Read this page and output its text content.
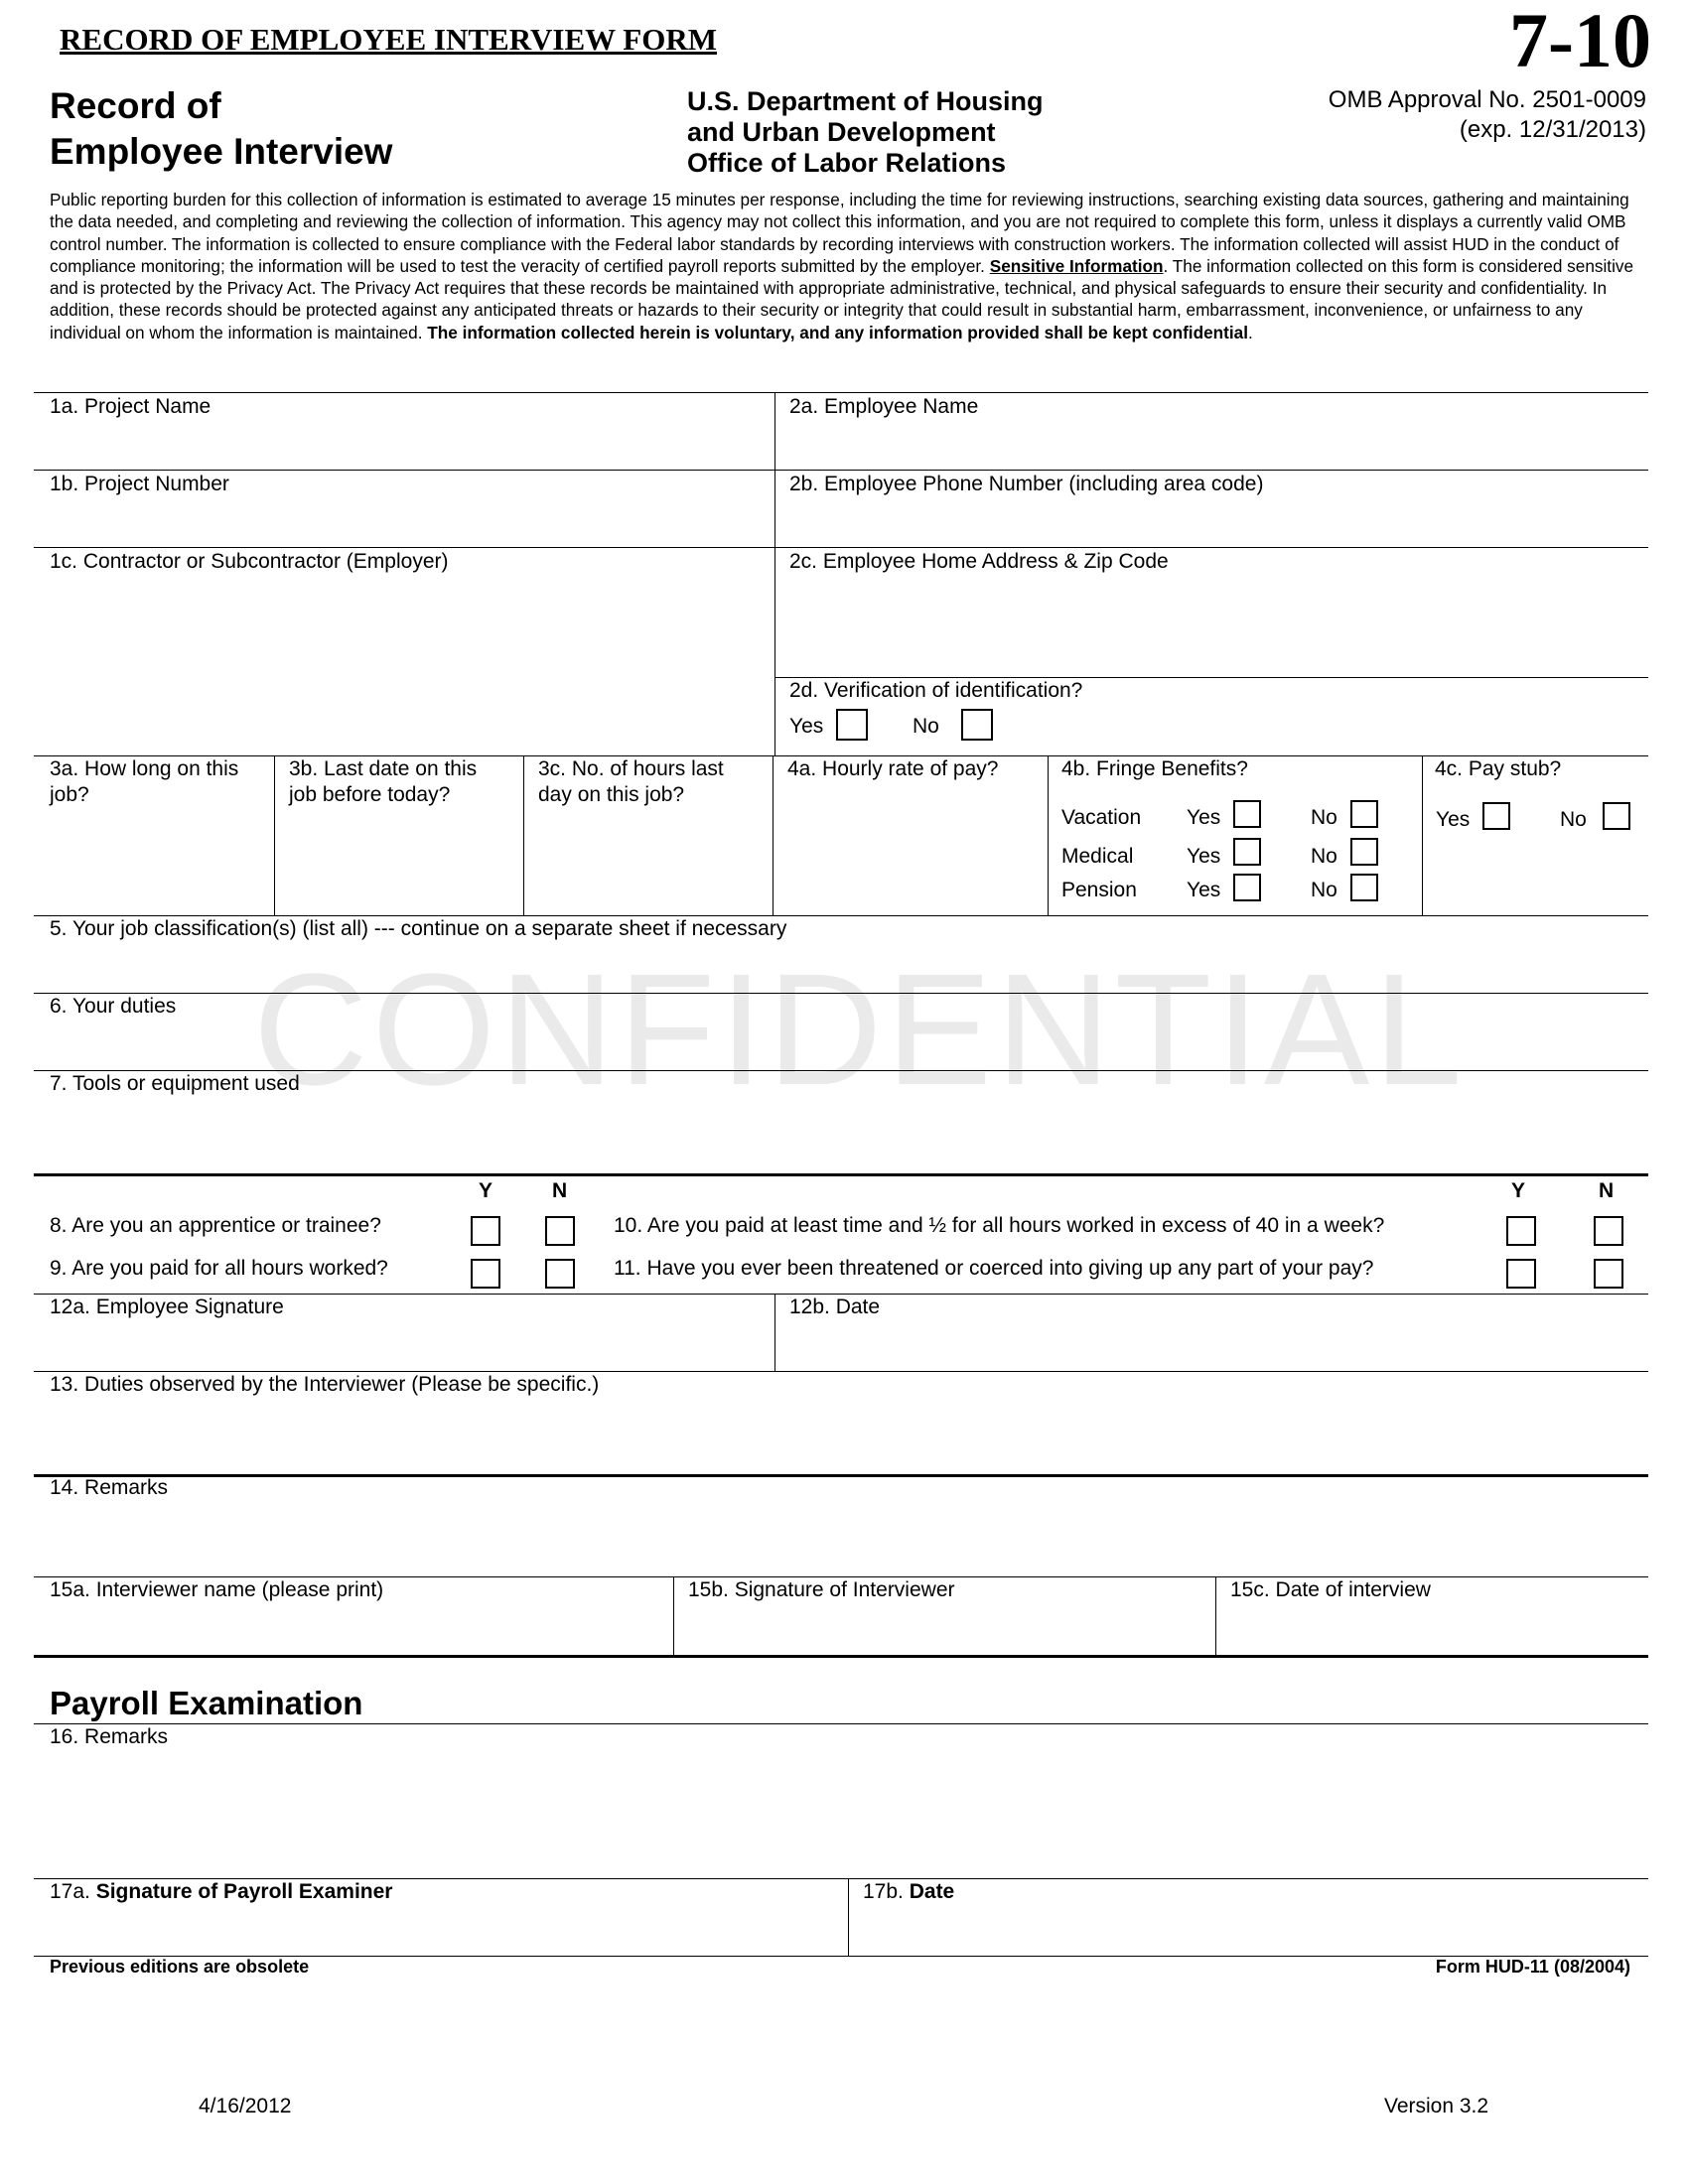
RECORD OF EMPLOYEE INTERVIEW FORM	7-10
Record of
Employee Interview
U.S. Department of Housing
and Urban Development
Office of Labor Relations
OMB Approval No. 2501-0009
(exp. 12/31/2013)
Public reporting burden for this collection of information is estimated to average 15 minutes per response, including the time for reviewing instructions, searching existing data sources, gathering and maintaining the data needed, and completing and reviewing the collection of information. This agency may not collect this information, and you are not required to complete this form, unless it displays a currently valid OMB control number. The information is collected to ensure compliance with the Federal labor standards by recording interviews with construction workers. The information collected will assist HUD in the conduct of compliance monitoring; the information will be used to test the veracity of certified payroll reports submitted by the employer. Sensitive Information. The information collected on this form is considered sensitive and is protected by the Privacy Act. The Privacy Act requires that these records be maintained with appropriate administrative, technical, and physical safeguards to ensure their security and confidentiality. In addition, these records should be protected against any anticipated threats or hazards to their security or integrity that could result in substantial harm, embarrassment, inconvenience, or unfairness to any individual on whom the information is maintained. The information collected herein is voluntary, and any information provided shall be kept confidential.
CONFIDENTIAL
1a. Project Name	2a. Employee Name
1b. Project Number	2b. Employee Phone Number (including area code)
1c. Contractor or Subcontractor (Employer)	2c. Employee Home Address & Zip Code
2d. Verification of identification?
Yes	No
3a. How long on this
job?
3b. Last date on this
job before today?
3c. No. of hours last
day on this job?
4a. Hourly rate of pay?	4b. Fringe Benefits?
Vacation Yes	No
Medical	Yes	No
Pension Yes	No
4c. Pay stub?
Yes	No
5. Your job classification(s) (list all) --- continue on a separate sheet if necessary
6. Your duties
7. Tools or equipment used
Y	N	Y	N
8. Are you an apprentice or trainee?
9. Are you paid for all hours worked?
10. Are you paid at least time and ½ for all hours worked in excess of 40 in a week?
11. Have you ever been threatened or coerced into giving up any part of your pay?
12a. Employee Signature	12b. Date
13. Duties observed by the Interviewer (Please be specific.)
14. Remarks
15a. Interviewer name (please print)	15b. Signature of Interviewer	15c. Date of interview
Payroll Examination
16. Remarks
17a. Signature of Payroll Examiner	17b. Date
Previous editions are obsolete	Form HUD-11 (08/2004)
4/16/2012	Version 3.2
